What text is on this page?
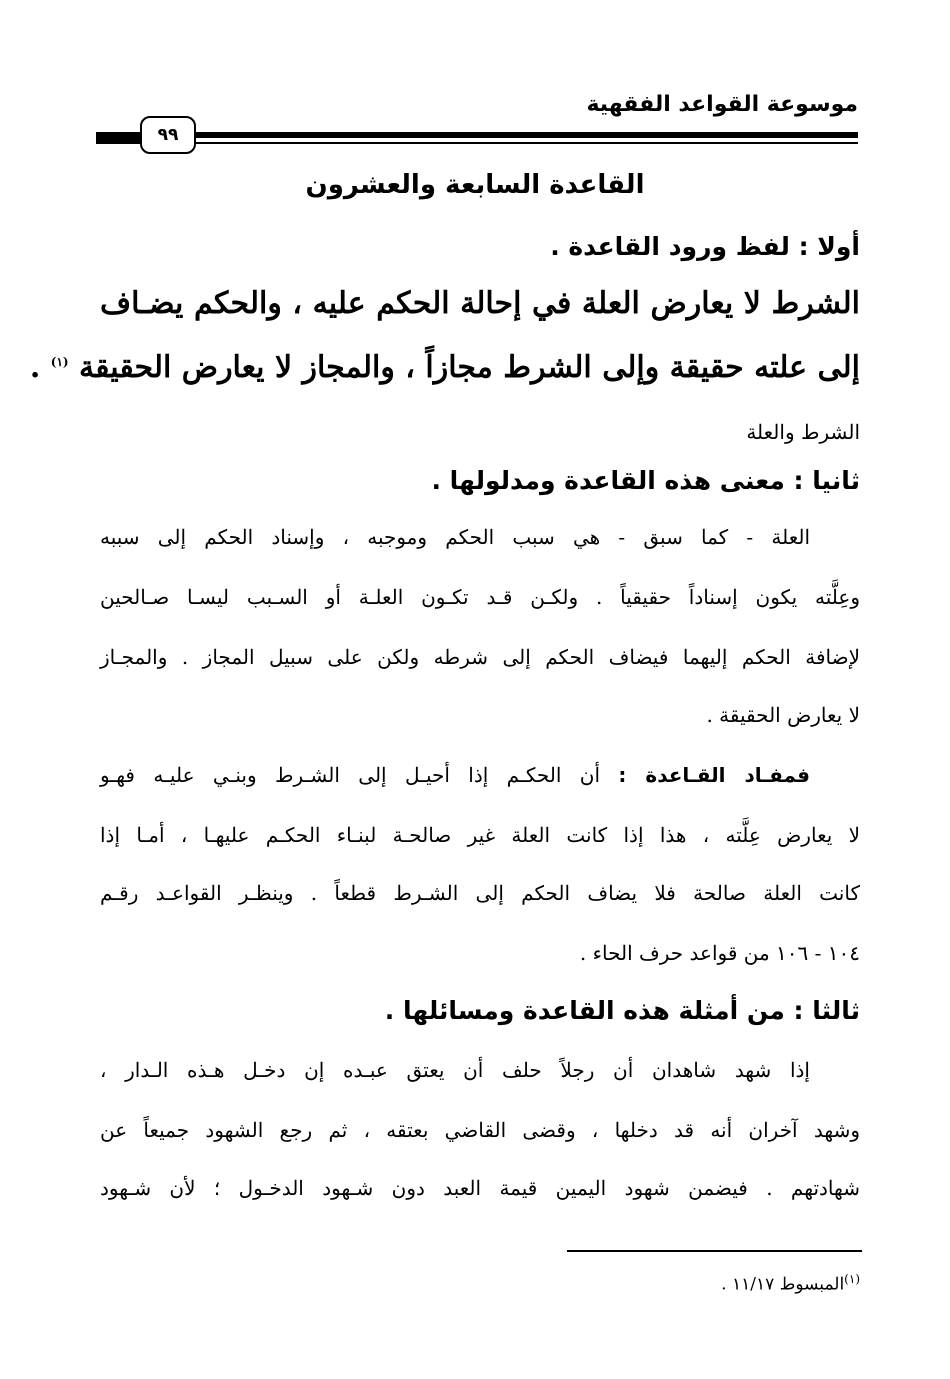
موسوعة القواعد الفقهية
٩٩
القاعدة السابعة والعشرون
أولا : لفظ ورود القاعدة .
الشرط لا يعارض العلة في إحالة الحكم عليه ، والحكم يضـاف
إلى علته حقيقة وإلى الشرط مجازاً ، والمجاز لا يعارض الحقيقة $^{(١)}$ .
الشرط والعلة
ثانيا : معنى هذه القاعدة ومدلولها .
العلة - كما سبق - هي سبب الحكم وموجبه ، وإسناد الحكم إلى سببه
وعِلَّته يكون إسناداً حقيقياً . ولكـن قـد تكـون العلـة أو السـبب ليسـا صـالحين
لإضافة الحكم إليهما فيضاف الحكم إلى شرطه ولكن على سبيل المجاز . والمجـاز
لا يعارض الحقيقة .
فمفـاد القـاعدة : أن الحكـم إذا أحيـل إلى الشـرط وبنـي عليـه فهـو
لا يعارض عِلَّته ، هذا إذا كانت العلة غير صالحـة لبنـاء الحكـم عليهـا ، أمـا إذا
كانت العلة صالحة فلا يضاف الحكم إلى الشـرط قطعاً . وينظـر القواعـد رقـم
١٠٤ - ١٠٦ من قواعد حرف الحاء .
ثالثا : من أمثلة هذه القاعدة ومسائلها .
إذا شهد شاهدان أن رجلاً حلف أن يعتق عبـده إن دخـل هـذه الـدار ،
وشهد آخران أنه قد دخلها ، وقضى القاضي بعتقه ، ثم رجع الشهود جميعاً عن
شهادتهم . فيضمن شهود اليمين قيمة العبد دون شـهود الدخـول ؛ لأن شـهود
$^{(١)}$المبسوط ١١/١٧ .
